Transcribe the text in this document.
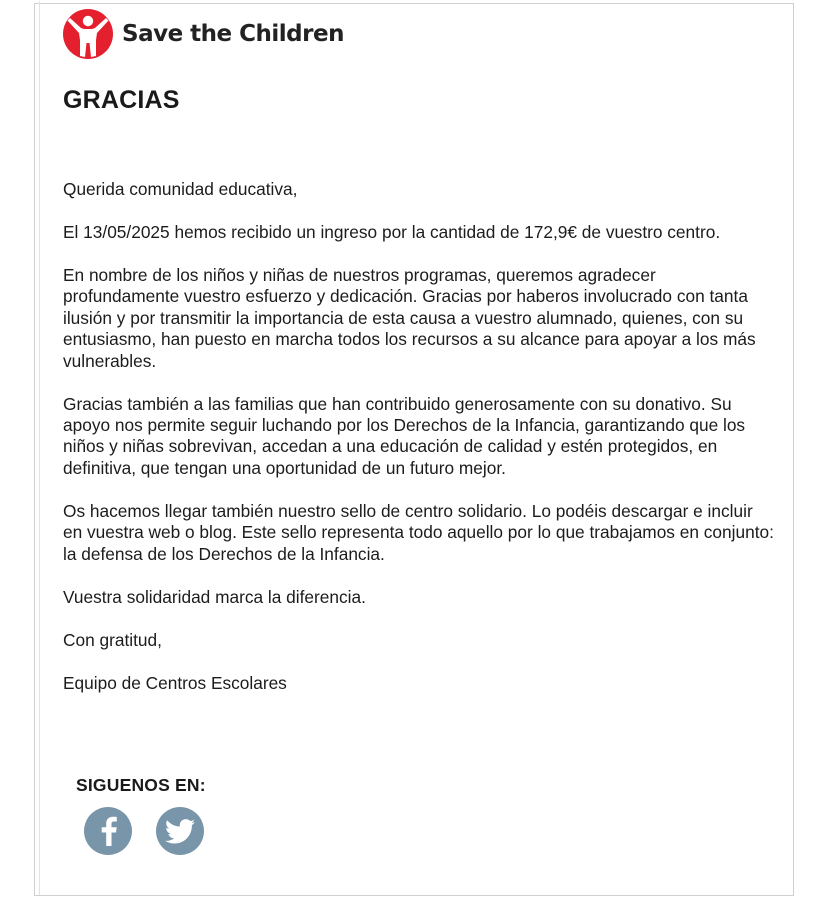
Save the Children
GRACIAS

Querida comunidad educativa,

El 13/05/2025 hemos recibido un ingreso por la cantidad de 172,9€ de vuestro centro.

En nombre de los niños y niñas de nuestros programas, queremos agradecer profundamente vuestro esfuerzo y dedicación. Gracias por haberos involucrado con tanta ilusión y por transmitir la importancia de esta causa a vuestro alumnado, quienes, con su entusiasmo, han puesto en marcha todos los recursos a su alcance para apoyar a los más vulnerables.

Gracias también a las familias que han contribuido generosamente con su donativo. Su apoyo nos permite seguir luchando por los Derechos de la Infancia, garantizando que los niños y niñas sobrevivan, accedan a una educación de calidad y estén protegidos, en definitiva, que tengan una oportunidad de un futuro mejor.

Os hacemos llegar también nuestro sello de centro solidario. Lo podéis descargar e incluir en vuestra web o blog. Este sello representa todo aquello por lo que trabajamos en conjunto: la defensa de los Derechos de la Infancia.

Vuestra solidaridad marca la diferencia.

Con gratitud,

Equipo de Centros Escolares

SIGUENOS EN:
